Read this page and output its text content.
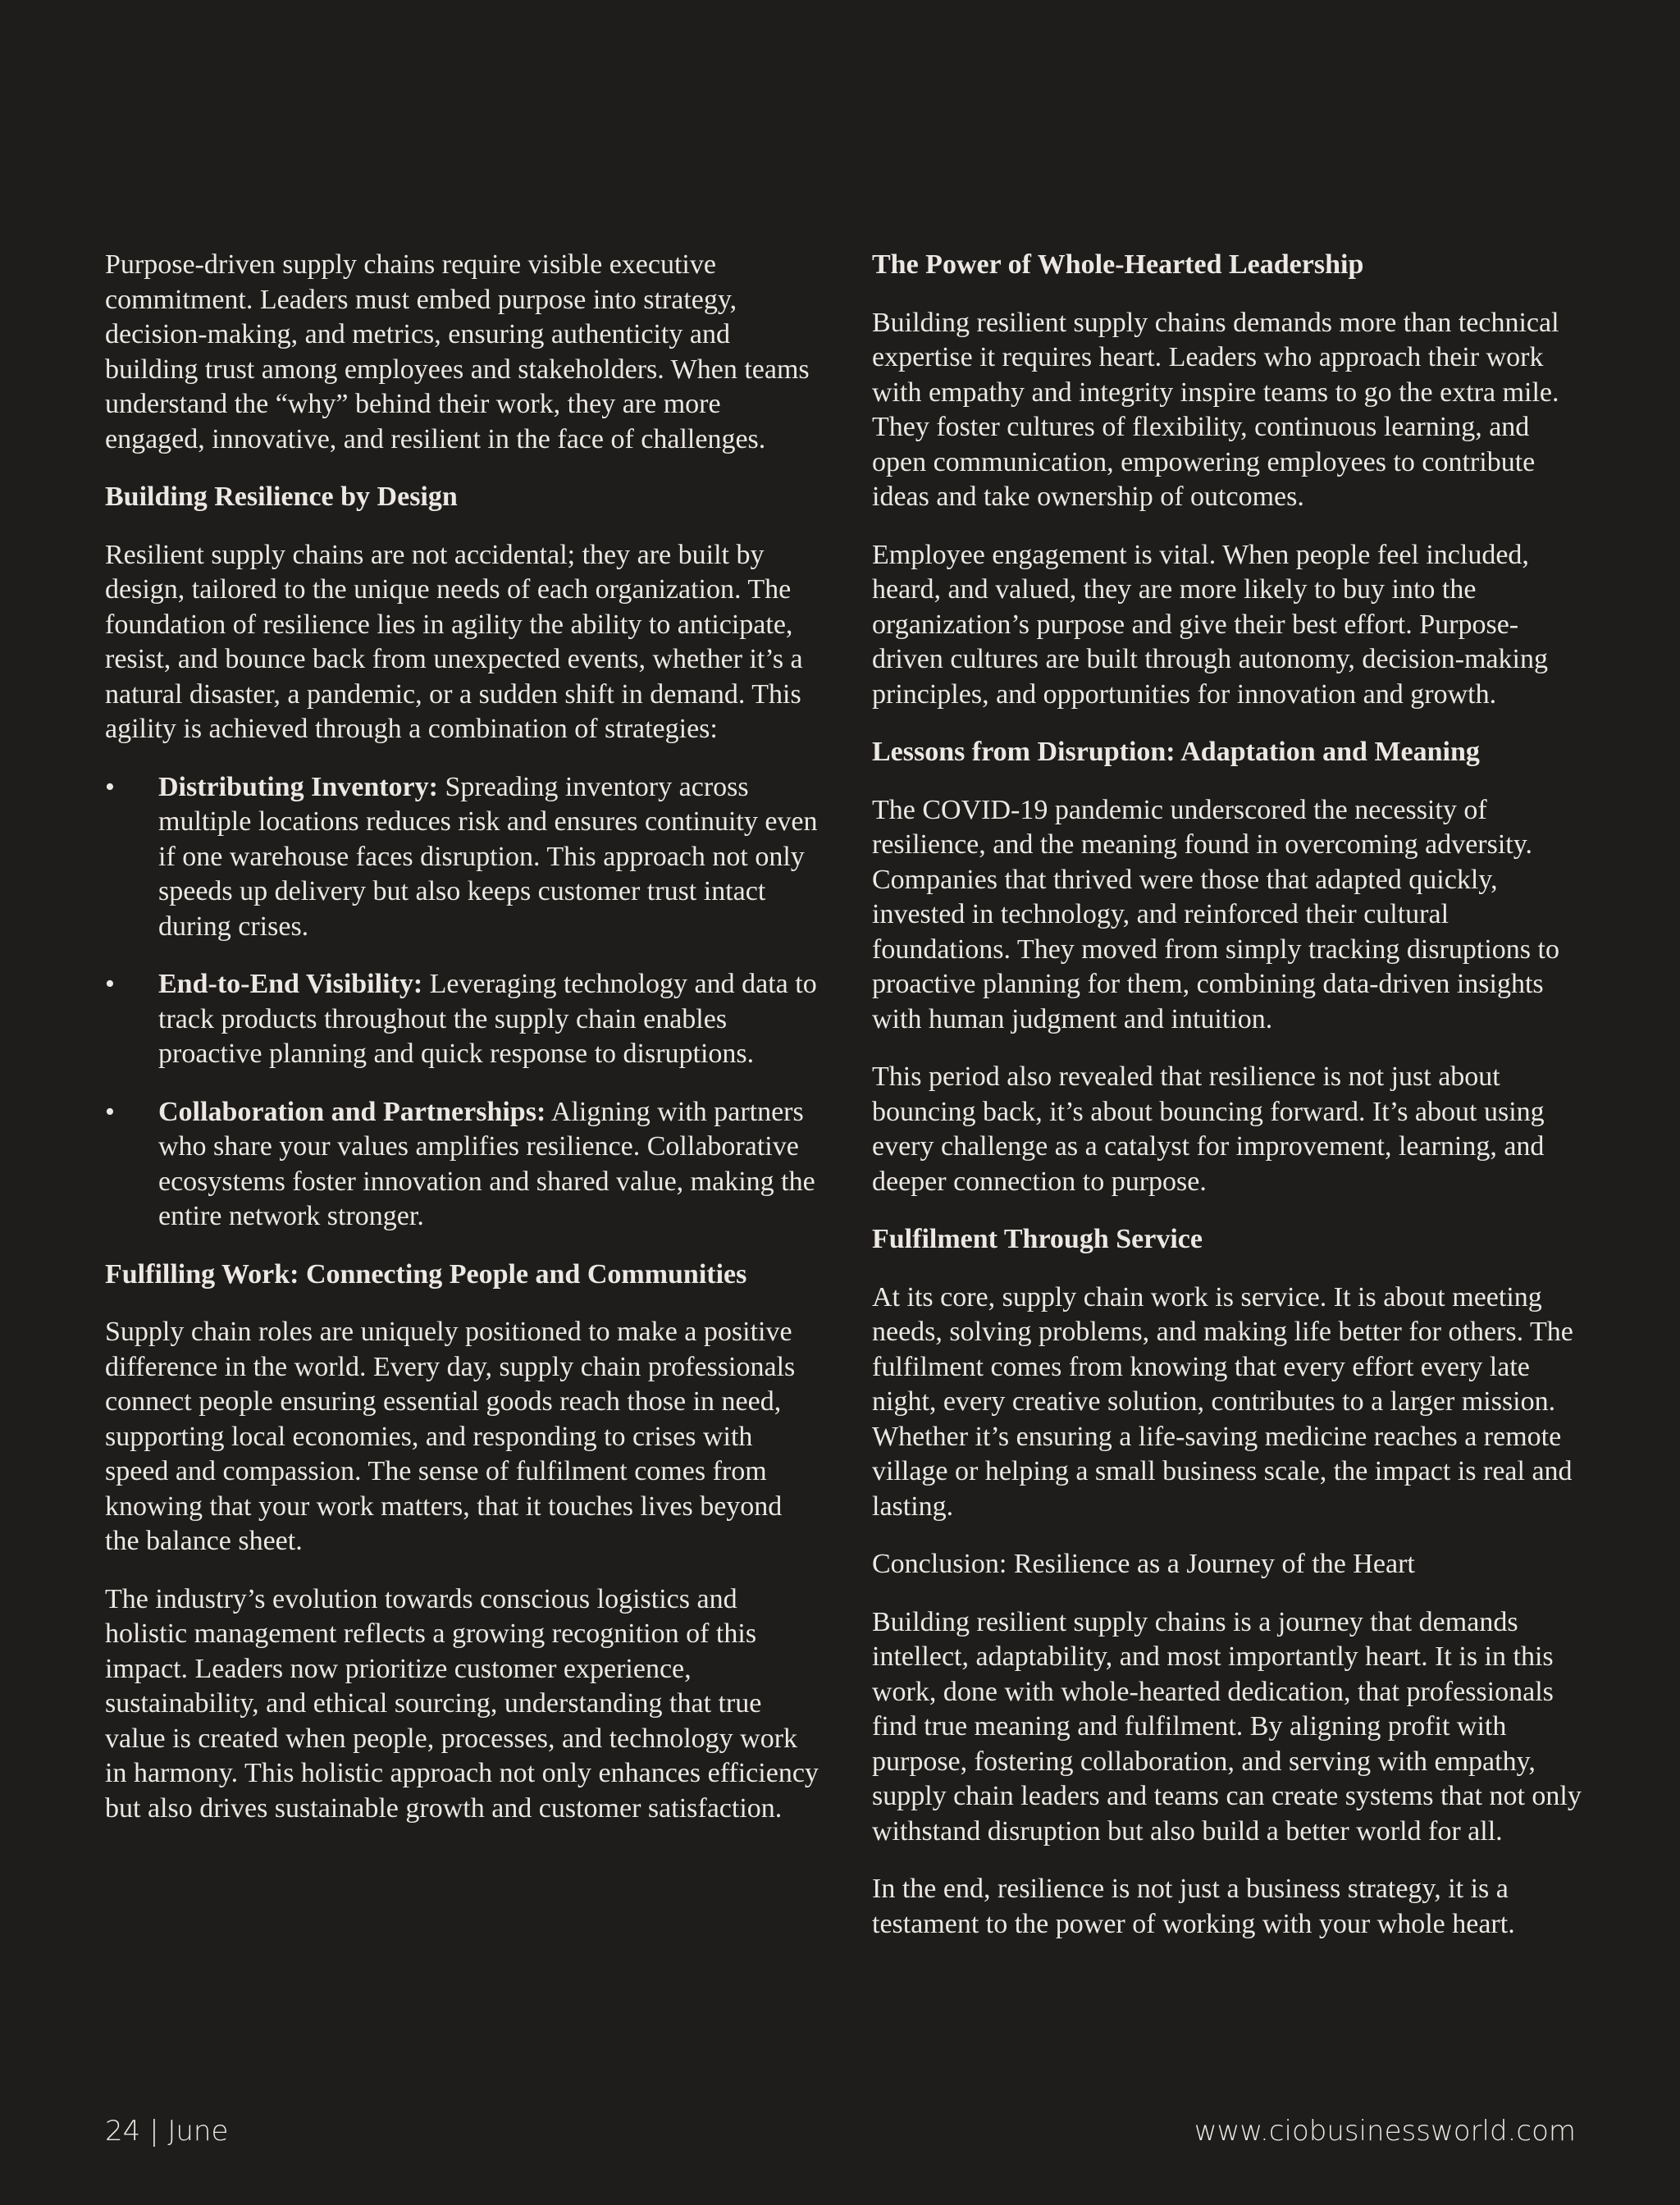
Purpose-driven supply chains require visible executive commitment. Leaders must embed purpose into strategy, decision-making, and metrics, ensuring authenticity and building trust among employees and stakeholders. When teams understand the “why” behind their work, they are more engaged, innovative, and resilient in the face of challenges.

Building Resilience by Design

Resilient supply chains are not accidental; they are built by design, tailored to the unique needs of each organization. The foundation of resilience lies in agility the ability to anticipate, resist, and bounce back from unexpected events, whether it’s a natural disaster, a pandemic, or a sudden shift in demand. This agility is achieved through a combination of strategies:

• Distributing Inventory: Spreading inventory across multiple locations reduces risk and ensures continuity even if one warehouse faces disruption. This approach not only speeds up delivery but also keeps customer trust intact during crises.
• End-to-End Visibility: Leveraging technology and data to track products throughout the supply chain enables proactive planning and quick response to disruptions.
• Collaboration and Partnerships: Aligning with partners who share your values amplifies resilience. Collaborative ecosystems foster innovation and shared value, making the entire network stronger.
Fulfilling Work: Connecting People and Communities

Supply chain roles are uniquely positioned to make a positive difference in the world. Every day, supply chain professionals connect people ensuring essential goods reach those in need, supporting local economies, and responding to crises with speed and compassion. The sense of fulfilment comes from knowing that your work matters, that it touches lives beyond the balance sheet.

The industry’s evolution towards conscious logistics and holistic management reflects a growing recognition of this impact. Leaders now prioritize customer experience, sustainability, and ethical sourcing, understanding that true value is created when people, processes, and technology work in harmony. This holistic approach not only enhances efficiency but also drives sustainable growth and customer satisfaction.

The Power of Whole-Hearted Leadership

Building resilient supply chains demands more than technical expertise it requires heart. Leaders who approach their work with empathy and integrity inspire teams to go the extra mile. They foster cultures of flexibility, continuous learning, and open communication, empowering employees to contribute ideas and take ownership of outcomes.

Employee engagement is vital. When people feel included, heard, and valued, they are more likely to buy into the organization’s purpose and give their best effort. Purpose-driven cultures are built through autonomy, decision-making principles, and opportunities for innovation and growth.

Lessons from Disruption: Adaptation and Meaning

The COVID-19 pandemic underscored the necessity of resilience, and the meaning found in overcoming adversity. Companies that thrived were those that adapted quickly, invested in technology, and reinforced their cultural foundations. They moved from simply tracking disruptions to proactive planning for them, combining data-driven insights with human judgment and intuition.

This period also revealed that resilience is not just about bouncing back, it’s about bouncing forward. It’s about using every challenge as a catalyst for improvement, learning, and deeper connection to purpose.

Fulfilment Through Service

At its core, supply chain work is service. It is about meeting needs, solving problems, and making life better for others. The fulfilment comes from knowing that every effort every late night, every creative solution, contributes to a larger mission. Whether it’s ensuring a life-saving medicine reaches a remote village or helping a small business scale, the impact is real and lasting.

Conclusion: Resilience as a Journey of the Heart

Building resilient supply chains is a journey that demands intellect, adaptability, and most importantly heart. It is in this work, done with whole-hearted dedication, that professionals find true meaning and fulfilment. By aligning profit with purpose, fostering collaboration, and serving with empathy, supply chain leaders and teams can create systems that not only withstand disruption but also build a better world for all.

In the end, resilience is not just a business strategy, it is a testament to the power of working with your whole heart.

24 | June	www.ciobusinessworld.com
